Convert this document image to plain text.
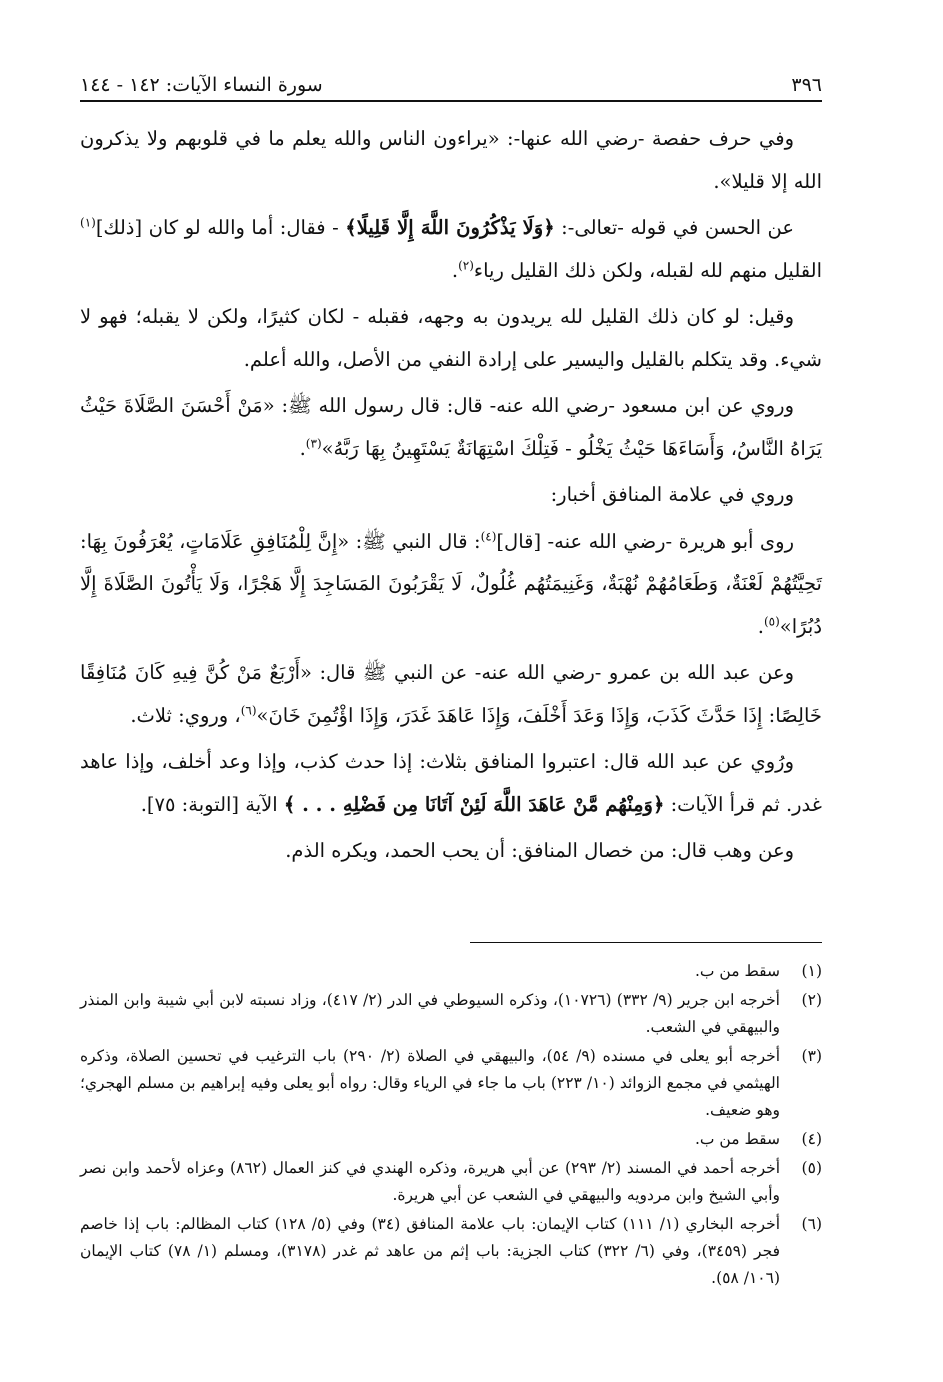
٣٩٦
سورة النساء الآيات: ١٤٢ - ١٤٤

وفي حرف حفصة -رضي الله عنها-: «يراءون الناس والله يعلم ما في قلوبهم ولا يذكرون الله إلا قليلا».

عن الحسن في قوله -تعالى-: ﴿وَلَا يَذْكُرُونَ اللَّهَ إِلَّا قَلِيلًا﴾ - فقال: أما والله لو كان [ذلك]$^{(١)}$ القليل منهم لله لقبله، ولكن ذلك القليل رياء$^{(٢)}$.

وقيل: لو كان ذلك القليل لله يريدون به وجهه، فقبله - لكان كثيرًا، ولكن لا يقبله؛ فهو لا شيء. وقد يتكلم بالقليل واليسير على إرادة النفي من الأصل، والله أعلم.

وروي عن ابن مسعود -رضي الله عنه- قال: قال رسول الله ﷺ: «مَنْ أَحْسَنَ الصَّلَاةَ حَيْثُ يَرَاهُ النَّاسُ، وَأَسَاءَهَا حَيْثُ يَخْلُو - فَتِلْكَ اسْتِهَانَةٌ يَسْتَهِينُ بِهَا رَبَّهُ»$^{(٣)}$.

وروي في علامة المنافق أخبار:

روى أبو هريرة -رضي الله عنه- [قال]$^{(٤)}$: قال النبي ﷺ: «إِنَّ لِلْمُنَافِقِ عَلَامَاتٍ، يُعْرَفُونَ بِهَا: تَحِيَّتُهُمْ لَعْنَةٌ، وَطَعَامُهُمْ نُهْبَةٌ، وَغَنِيمَتُهُم غُلُولٌ، لَا يَقْرَبُونَ المَسَاجِدَ إِلَّا هَجْرًا، وَلَا يَأْتُونَ الصَّلَاةَ إِلَّا دُبُرًا»$^{(٥)}$.

وعن عبد الله بن عمرو -رضي الله عنه- عن النبي ﷺ قال: «أَرْبَعٌ مَنْ كُنَّ فِيهِ كَانَ مُنَافِقًا خَالِصًا: إِذَا حَدَّثَ كَذَبَ، وَإِذَا وَعَدَ أَخْلَفَ، وَإِذَا عَاهَدَ غَدَرَ، وَإِذَا اؤْتُمِنَ خَانَ»$^{(٦)}$، وروي: ثلاث.

ورُوي عن عبد الله قال: اعتبروا المنافق بثلاث: إذا حدث كذب، وإذا وعد أخلف، وإذا عاهد غدر. ثم قرأ الآيات: ﴿وَمِنْهُم مَّنْ عَاهَدَ اللَّهَ لَئِنْ آتَانَا مِن فَضْلِهِ . . . ﴾ الآية [التوبة: ٧٥].

وعن وهب قال: من خصال المنافق: أن يحب الحمد، ويكره الذم.

(١)
سقط من ب.
(٢)
أخرجه ابن جرير (٩/ ٣٣٢) (١٠٧٢٦)، وذكره السيوطي في الدر (٢/ ٤١٧)، وزاد نسبته لابن أبي شيبة وابن المنذر والبيهقي في الشعب.
(٣)
أخرجه أبو يعلى في مسنده (٩/ ٥٤)، والبيهقي في الصلاة (٢/ ٢٩٠) باب الترغيب في تحسين الصلاة، وذكره الهيثمي في مجمع الزوائد (١٠/ ٢٢٣) باب ما جاء في الرياء وقال: رواه أبو يعلى وفيه إبراهيم بن مسلم الهجري؛ وهو ضعيف.
(٤)
سقط من ب.
(٥)
أخرجه أحمد في المسند (٢/ ٢٩٣) عن أبي هريرة، وذكره الهندي في كنز العمال (٨٦٢) وعزاه لأحمد وابن نصر وأبي الشيخ وابن مردويه والبيهقي في الشعب عن أبي هريرة.
(٦)
أخرجه البخاري (١/ ١١١) كتاب الإيمان: باب علامة المنافق (٣٤) وفي (٥/ ١٢٨) كتاب المظالم: باب إذا خاصم فجر (٣٤٥٩)، وفي (٦/ ٣٢٢) كتاب الجزية: باب إثم من عاهد ثم غدر (٣١٧٨)، ومسلم (١/ ٧٨) كتاب الإيمان (١٠٦/ ٥٨).
